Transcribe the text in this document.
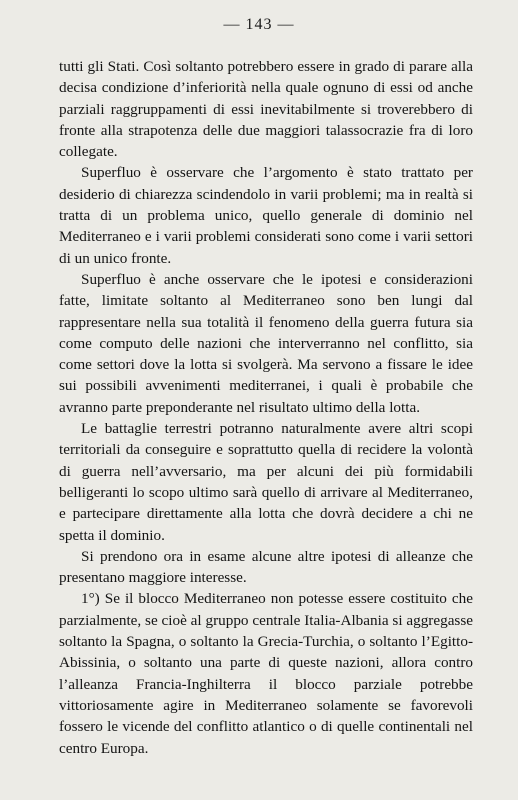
— 143 —

tutti gli Stati. Così soltanto potrebbero essere in grado di parare alla decisa condizione d’inferiorità nella quale ognuno di essi od anche parziali raggruppamenti di essi inevitabilmente si troverebbero di fronte alla strapotenza delle due maggiori talassocrazie fra di loro collegate.

Superfluo è osservare che l’argomento è stato trattato per desiderio di chiarezza scindendolo in varii problemi; ma in realtà si tratta di un problema unico, quello generale di dominio nel Mediterraneo e i varii problemi considerati sono come i varii settori di un unico fronte.

Superfluo è anche osservare che le ipotesi e considerazioni fatte, limitate soltanto al Mediterraneo sono ben lungi dal rappresentare nella sua totalità il fenomeno della guerra futura sia come computo delle nazioni che interverranno nel conflitto, sia come settori dove la lotta si svolgerà. Ma servono a fissare le idee sui possibili avvenimenti mediterranei, i quali è probabile che avranno parte preponderante nel risultato ultimo della lotta.

Le battaglie terrestri potranno naturalmente avere altri scopi territoriali da conseguire e soprattutto quella di recidere la volontà di guerra nell’avversario, ma per alcuni dei più formidabili belligeranti lo scopo ultimo sarà quello di arrivare al Mediterraneo, e partecipare direttamente alla lotta che dovrà decidere a chi ne spetta il dominio.

Si prendono ora in esame alcune altre ipotesi di alleanze che presentano maggiore interesse.

1°) Se il blocco Mediterraneo non potesse essere costituito che parzialmente, se cioè al gruppo centrale Italia-Albania si aggregasse soltanto la Spagna, o soltanto la Grecia-Turchia, o soltanto l’Egitto-Abissinia, o soltanto una parte di queste nazioni, allora contro l’alleanza Francia-Inghilterra il blocco parziale potrebbe vittoriosamente agire in Mediterraneo solamente se favorevoli fossero le vicende del conflitto atlantico o di quelle continentali nel centro Europa.
